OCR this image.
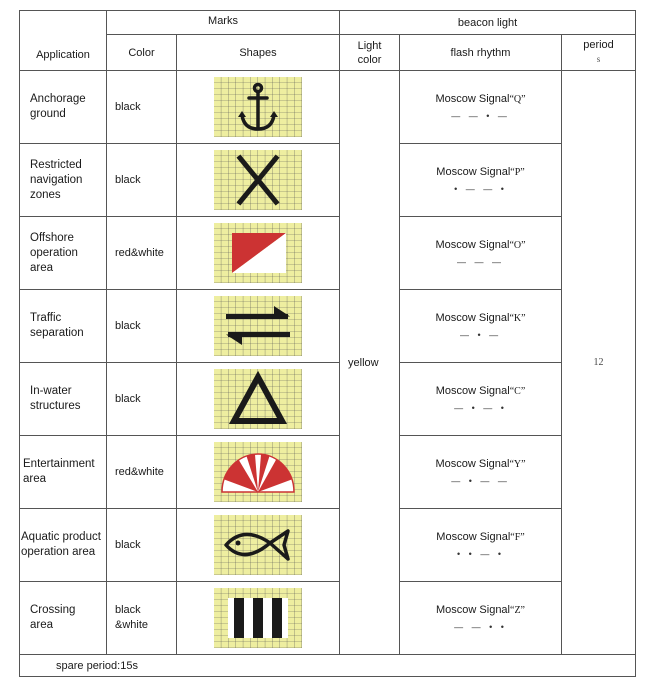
Application	Marks		beacon light		
	Color	Shapes	Light
color	flash rhythm	period
s

Anchorage
ground	black		yellow	Moscow Signal“Q”
— — • —	12
Restricted
navigation
zones	black			Moscow Signal“P”
• — — •	

Offshore
operation
area	red&white			Moscow Signal“O”
— — —	

Traffic
separation	black			Moscow Signal“K”
— • —	

In-water
structures	black			Moscow Signal“C”
— • — •	

Entertainment
area	red&white			Moscow Signal“Y”
— • — —	

Aquatic product
operation area	black			Moscow Signal“F”
• • — •	

Crossing
area	black
&white			Moscow Signal“Z”
— — • •	

spare period:15s					
